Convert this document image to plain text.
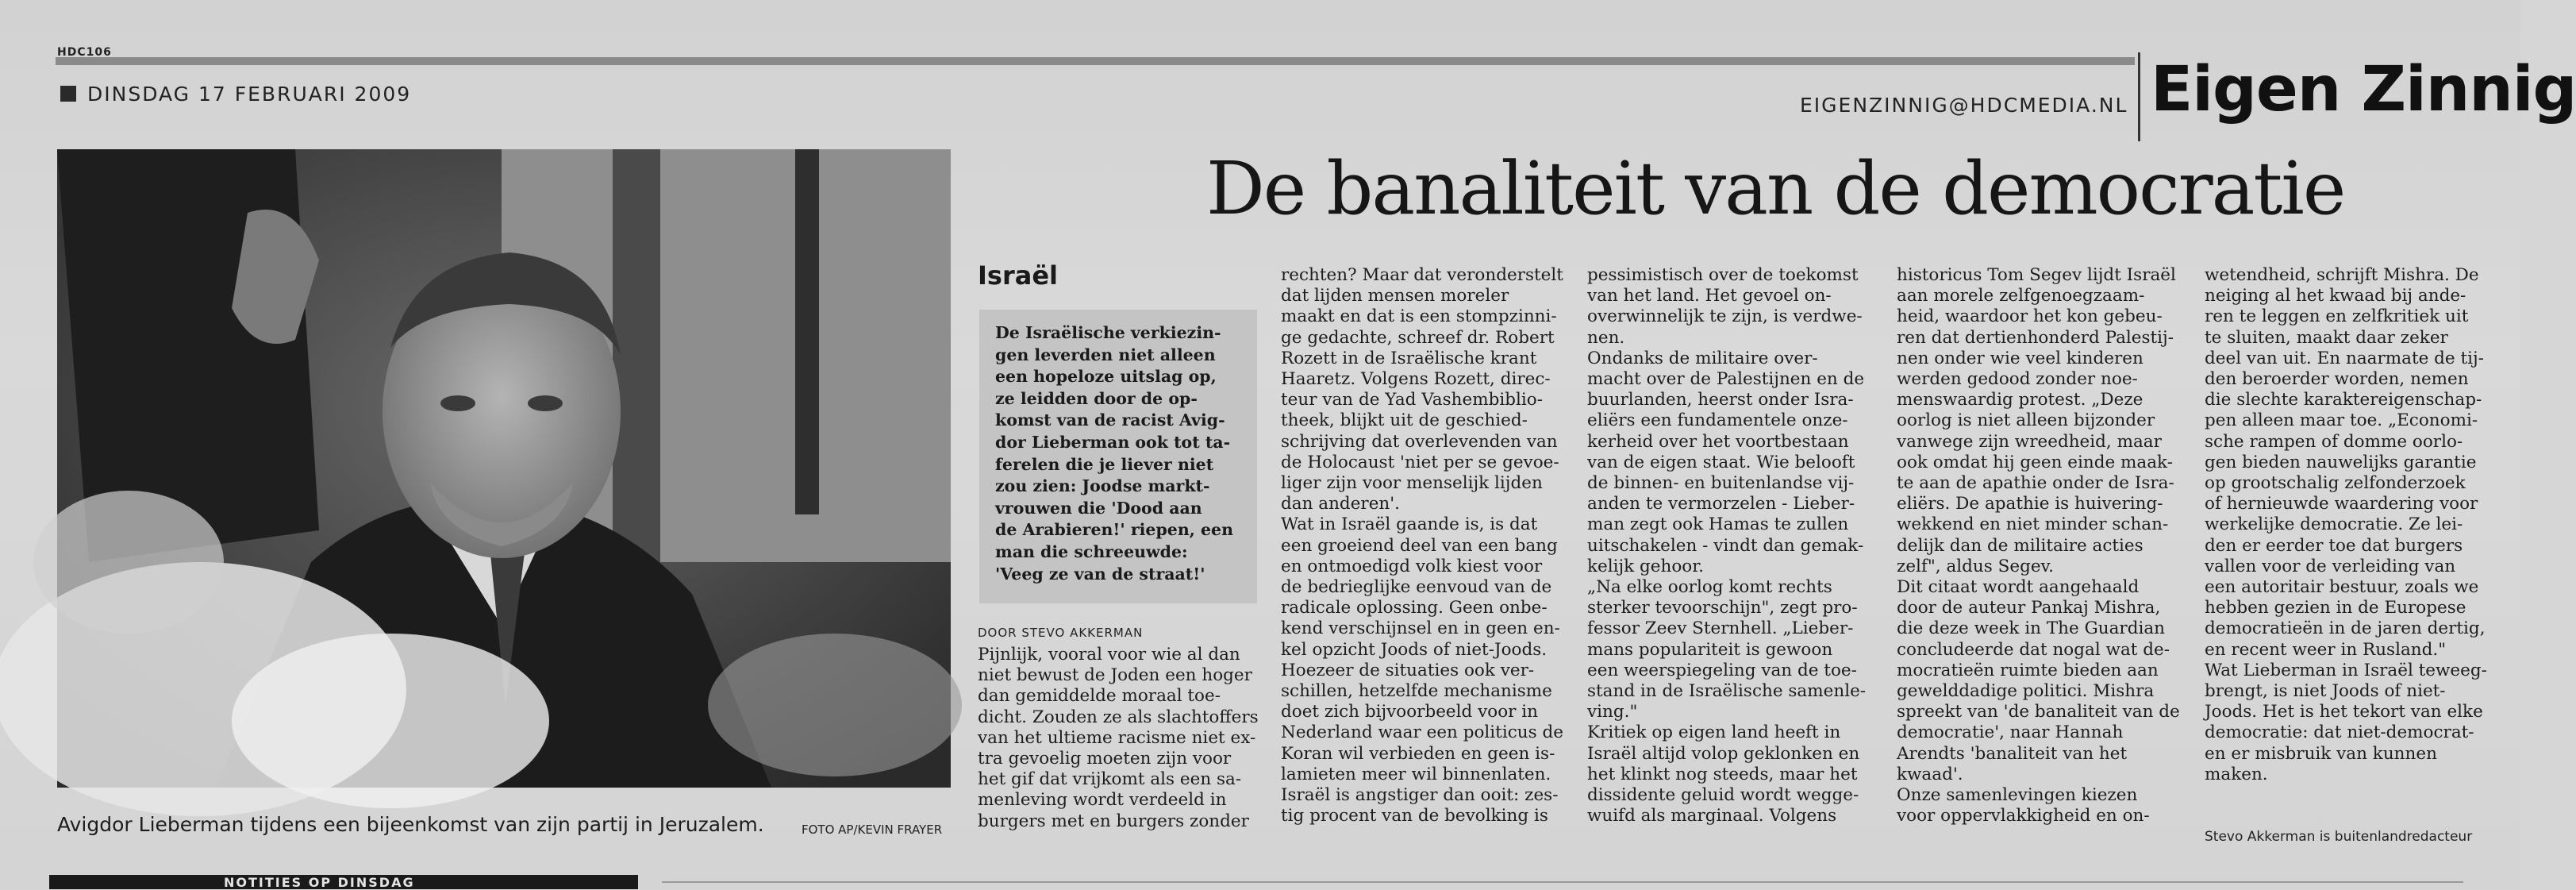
HDC106
DINSDAG 17 FEBRUARI 2009	EIGENZINNIG@HDCMEDIA.NL Eigen Zinnig
De banaliteit van de democratie
Avigdor Lieberman tijdens een bijeenkomst van zijn partij in Jeruzalem.	FOTO AP/KEVIN FRAYER
Israël

De Israëlische verkiezin-
gen leverden niet alleen
een hopeloze uitslag op,
ze leidden door de op-
komst van de racist Avig-
dor Lieberman ook tot ta-
ferelen die je liever niet
zou zien: Joodse markt-
vrouwen die 'Dood aan
de Arabieren!' riepen, een
man die schreeuwde:
'Veeg ze van de straat!'

DOOR STEVO AKKERMAN

Pijnlijk, vooral voor wie al dan
niet bewust de Joden een hoger
dan gemiddelde moraal toe-
dicht. Zouden ze als slachtoffers
van het ultieme racisme niet ex-
tra gevoelig moeten zijn voor
het gif dat vrijkomt als een sa-
menleving wordt verdeeld in
burgers met en burgers zonder

rechten? Maar dat veronderstelt
dat lijden mensen moreler
maakt en dat is een stompzinni-
ge gedachte, schreef dr. Robert
Rozett in de Israëlische krant
Haaretz. Volgens Rozett, direc-
teur van de Yad Vashembiblio-
theek, blijkt uit de geschied-
schrijving dat overlevenden van
de Holocaust 'niet per se gevoe-
liger zijn voor menselijk lijden
dan anderen'.
Wat in Israël gaande is, is dat
een groeiend deel van een bang
en ontmoedigd volk kiest voor
de bedrieglijke eenvoud van de
radicale oplossing. Geen onbe-
kend verschijnsel en in geen en-
kel opzicht Joods of niet-Joods.
Hoezeer de situaties ook ver-
schillen, hetzelfde mechanisme
doet zich bijvoorbeeld voor in
Nederland waar een politicus de
Koran wil verbieden en geen is-
lamieten meer wil binnenlaten.
Israël is angstiger dan ooit: zes-
tig procent van de bevolking is

pessimistisch over de toekomst
van het land. Het gevoel on-
overwinnelijk te zijn, is verdwe-
nen.
Ondanks de militaire over-
macht over de Palestijnen en de
buurlanden, heerst onder Isra-
eliërs een fundamentele onze-
kerheid over het voortbestaan
van de eigen staat. Wie belooft
de binnen- en buitenlandse vij-
anden te vermorzelen - Lieber-
man zegt ook Hamas te zullen
uitschakelen - vindt dan gemak-
kelijk gehoor.
„Na elke oorlog komt rechts
sterker tevoorschijn", zegt pro-
fessor Zeev Sternhell. „Lieber-
mans populariteit is gewoon
een weerspiegeling van de toe-
stand in de Israëlische samenle-
ving."
Kritiek op eigen land heeft in
Israël altijd volop geklonken en
het klinkt nog steeds, maar het
dissidente geluid wordt wegge-
wuifd als marginaal. Volgens

historicus Tom Segev lijdt Israël
aan morele zelfgenoegzaam-
heid, waardoor het kon gebeu-
ren dat dertienhonderd Palestij-
nen onder wie veel kinderen
werden gedood zonder noe-
menswaardig protest. „Deze
oorlog is niet alleen bijzonder
vanwege zijn wreedheid, maar
ook omdat hij geen einde maak-
te aan de apathie onder de Isra-
eliërs. De apathie is huivering-
wekkend en niet minder schan-
delijk dan de militaire acties
zelf", aldus Segev.
Dit citaat wordt aangehaald
door de auteur Pankaj Mishra,
die deze week in The Guardian
concludeerde dat nogal wat de-
mocratieën ruimte bieden aan
gewelddadige politici. Mishra
spreekt van 'de banaliteit van de
democratie', naar Hannah
Arendts 'banaliteit van het
kwaad'.
Onze samenlevingen kiezen
voor oppervlakkigheid en on-

wetendheid, schrijft Mishra. De
neiging al het kwaad bij ande-
ren te leggen en zelfkritiek uit
te sluiten, maakt daar zeker
deel van uit. En naarmate de tij-
den beroerder worden, nemen
die slechte karaktereigenschap-
pen alleen maar toe. „Economi-
sche rampen of domme oorlo-
gen bieden nauwelijks garantie
op grootschalig zelfonderzoek
of hernieuwde waardering voor
werkelijke democratie. Ze lei-
den er eerder toe dat burgers
vallen voor de verleiding van
een autoritair bestuur, zoals we
hebben gezien in de Europese
democratieën in de jaren dertig,
en recent weer in Rusland."
Wat Lieberman in Israël teweeg-
brengt, is niet Joods of niet-
Joods. Het is het tekort van elke
democratie: dat niet-democrat-
en er misbruik van kunnen
maken.

Stevo Akkerman is buitenlandredacteur
NOTITIES OP DINSDAG
